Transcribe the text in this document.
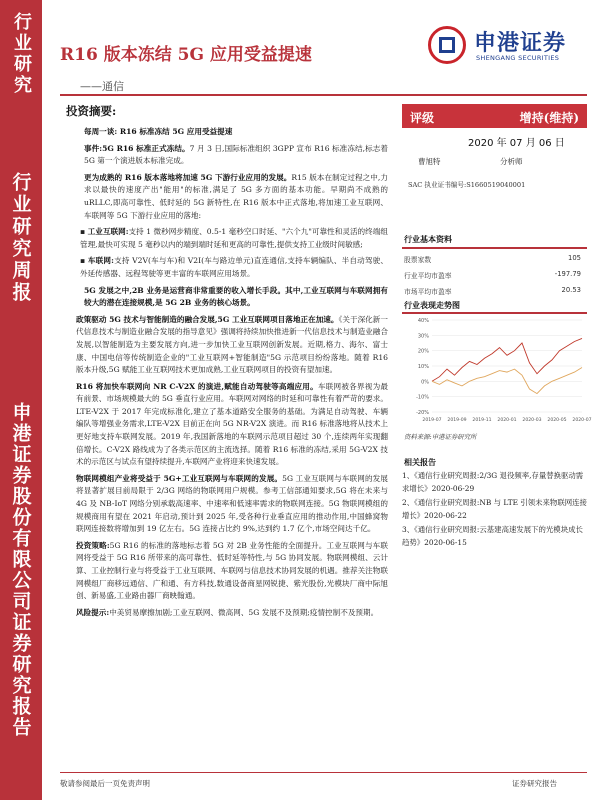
行业研究
行业研究周报
申港证券股份有限公司证券研究报告
R16 版本冻结 5G 应用受益提速
——通信
申港证券
SHENGANG SECURITIES
投资摘要:

每周一谈: R16 标准冻结 5G 应用受益提速

事件:5G R16 标准正式冻结。7 月 3 日,国际标准组织 3GPP 宣布 R16 标准冻结,标志着 5G 第一个演进版本标准完成。

更为成熟的 R16 版本落地将加速 5G 下游行业应用的发展。R15 版本在制定过程之中,力求以最快的速度产出"能用"的标准,满足了 5G 多方面的基本功能。早期尚不成熟的 uRLLC,即高可靠性、低时延的 5G 新特性,在 R16 版本中正式落地,将加速工业互联网、车联网等 5G 下游行业应用的落地:

▪ 工业互联网:支持 1 微秒网步精度、0.5-1 毫秒空口时延、"六个九"可靠性和灵活的终端组管理,最快可实现 5 毫秒以内的端到端时延和更高的可靠性,提供支持工业级时间敏感;

▪ 车联网:支持 V2V(车与车)和 V2I(车与路边单元)直连通信,支持车辆编队、半自动驾驶、外延传感器、远程驾驶等更丰富的车联网应用场景。

5G 发展之中,2B 业务是运营商非常重要的收入增长手段。其中,工业互联网与车联网拥有较大的潜在连接规模,是 5G 2B 业务的核心场景。

政策驱动 5G 技术与智能制造的融合发展,5G 工业互联网项目落地正在加速。《关于深化新一代信息技术与制造业融合发展的指导意见》强调将持续加快推进新一代信息技术与制造业融合发展,以智能制造为主要发展方向,进一步加快工业互联网创新发展。近期,格力、海尔、富士康、中国电信等传统制造企业的"工业互联网+智能制造"5G 示范项目纷纷落地。随着 R16 版本升级,5G 赋能工业互联网技术更加成熟,工业互联网项目的投资有望加速。

R16 将加快车联网向 NR C-V2X 的演进,赋能自动驾驶等高端应用。车联网被各界视为最有前景、市场规模最大的 5G 垂直行业应用。车联网对网络的时延和可靠性有着严苛的要求。LTE-V2X 于 2017 年完成标准化,建立了基本道路安全服务的基础。为满足自动驾驶、车辆编队等增强业务需求,LTE-V2X 目前正在向 5G NR-V2X 演进。而 R16 标准落地将从技术上更好地支持车联网发展。2019 年,我国新落地的车联网示范项目超过 30 个,连续两年实现翻倍增长。C-V2X 路线成为了各类示范区的主流选择。随着 R16 标准的冻结,采用 5G-V2X 技术的示范区与试点有望持续提升,车联网产业将迎来快速发展。

物联网模组产业将受益于 5G+工业互联网与车联网的发展。5G 工业互联网与车联网的发展将显著扩展目前局限于 2/3G 网络的物联网用户规模。参考工信部通知要求,5G 将在未来与 4G 及 NB-IoT 网络分别承载高速率、中速率和低速率需求的物联网连接。5G 物联网模组的规模商用有望在 2021 年启动,预计到 2025 年,受各种行业垂直应用的推动作用,中国蜂窝物联网连接数将增加到 19 亿左右。5G 连接占比约 9%,达到约 1.7 亿个,市场空间达千亿。

投资策略:5G R16 的标准的落地标志着 5G 对 2B 业务性能的全面提升。工业互联网与车联网将受益于 5G R16 所带来的高可靠性、低时延等特性,与 5G 协同发展。物联网模组、云计算、工业控制行业与将受益于工业互联网、车联网与信息技术协同发展的机遇。推荐关注物联网模组厂商移远通信、广和通、有方科技,数通设备商星网锐捷、紫光股份,光模块厂商中际旭创、新易盛,工业路由器厂商映翰通。

风险提示:中美贸易摩擦加剧;工业互联网、微高网、5G 发展不及预期;疫情控制不及预期。

评级	增持(维持)
2020 年 07 月 06 日
曹旭特	分析师
SAC 执业证书编号:S1660519040001
行业基本资料
股票家数	105
行业平均市盈率	-197.79
市场平均市盈率	20.53
行业表现走势图
40%
30%
20%
10%
0%
-10%
-20%
2019-07 2019-09 2019-11 2020-01 2020-03 2020-05 2020-07
资料来源:申港证券研究所
相关报告
1、《通信行业研究周报:2/3G 退役频率,存量替换驱动需求增长》2020-06-29
2、《通信行业研究周报:NB 与 LTE 引领未来物联网连接增长》2020-06-22
3、《通信行业研究周报:云基建高速发展下的光模块成长趋势》2020-06-15
敬请参阅最后一页免责声明	证券研究报告
